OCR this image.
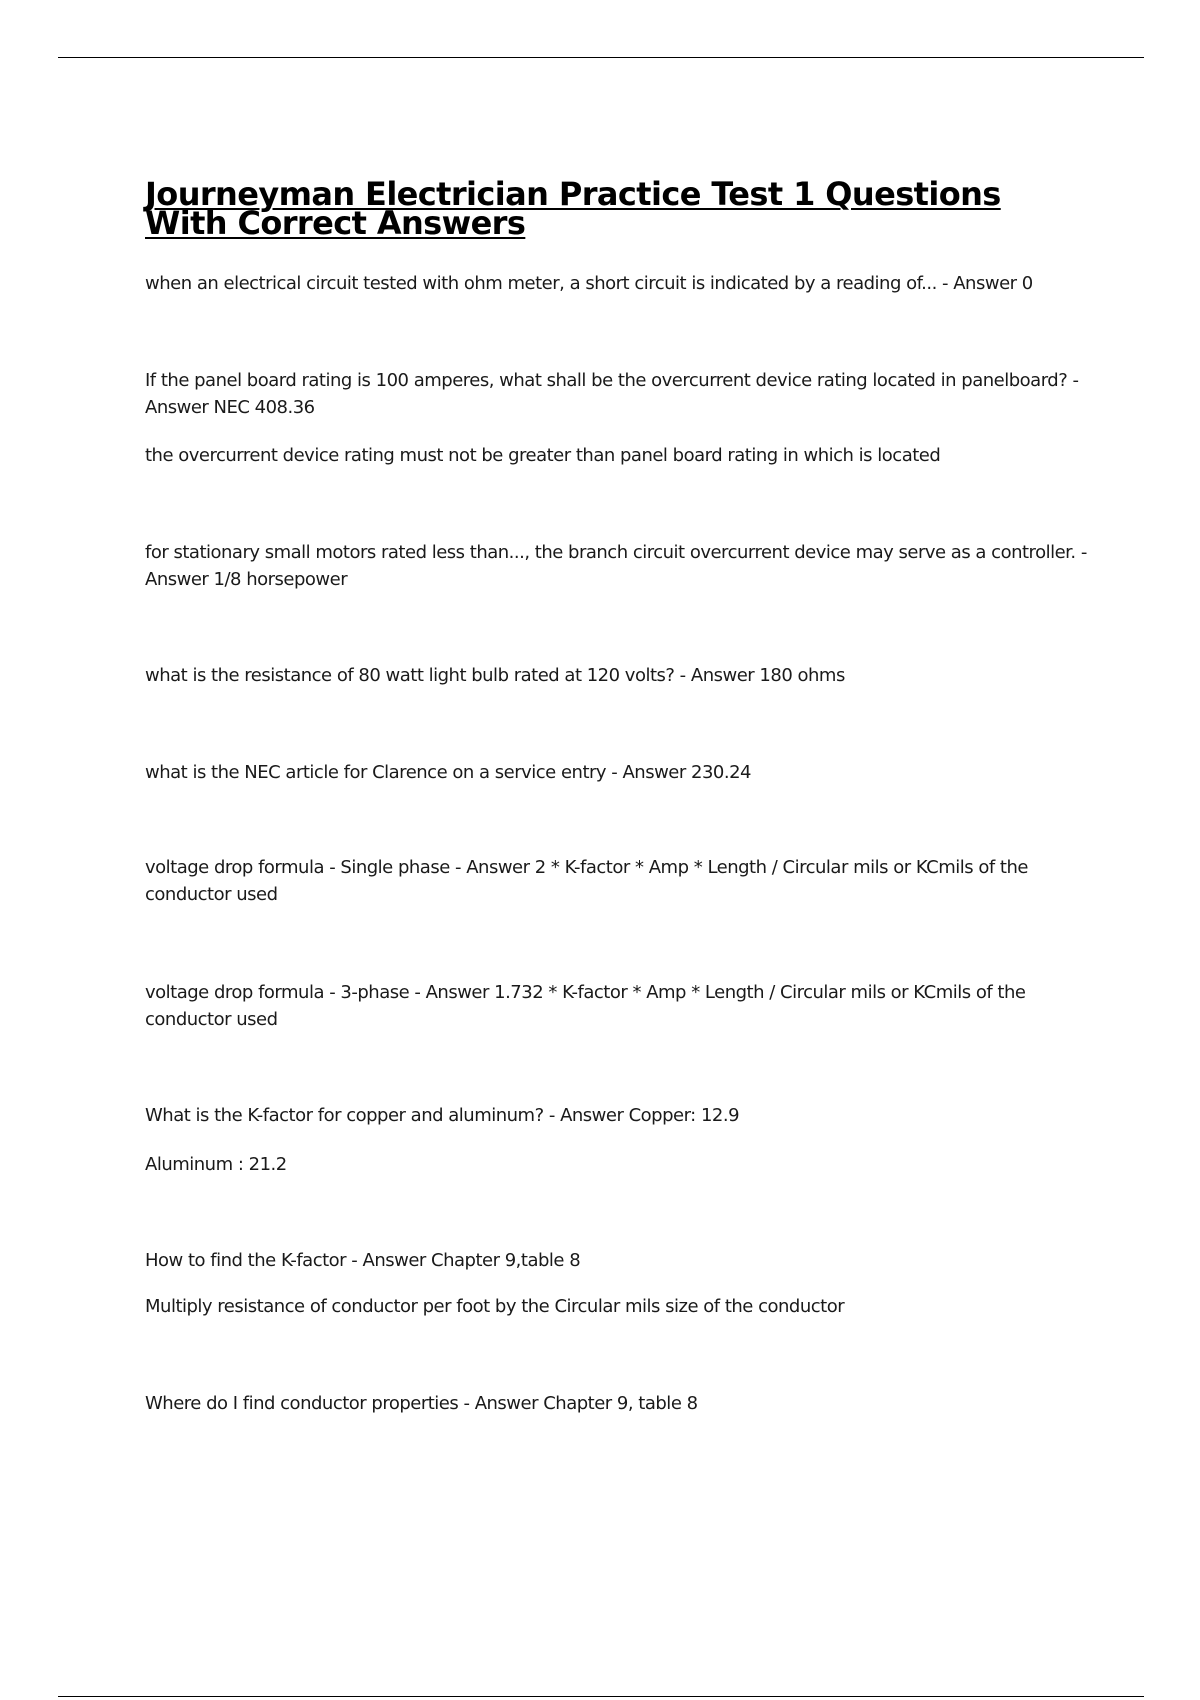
Journeyman Electrician Practice Test 1 Questions With Correct Answers

when an electrical circuit tested with ohm meter, a short circuit is indicated by a reading of... - Answer 0

If the panel board rating is 100 amperes, what shall be the overcurrent device rating located in panelboard? - Answer NEC 408.36

the overcurrent device rating must not be greater than panel board rating in which is located

for stationary small motors rated less than..., the branch circuit overcurrent device may serve as a controller. - Answer 1/8 horsepower

what is the resistance of 80 watt light bulb rated at 120 volts? - Answer 180 ohms

what is the NEC article for Clarence on a service entry - Answer 230.24

voltage drop formula - Single phase - Answer 2 * K-factor * Amp * Length / Circular mils or KCmils of the conductor used

voltage drop formula - 3-phase - Answer 1.732 * K-factor * Amp * Length / Circular mils or KCmils of the conductor used

What is the K-factor for copper and aluminum? - Answer Copper: 12.9

Aluminum : 21.2

How to find the K-factor - Answer Chapter 9,table 8

Multiply resistance of conductor per foot by the Circular mils size of the conductor

Where do I find conductor properties - Answer Chapter 9, table 8
